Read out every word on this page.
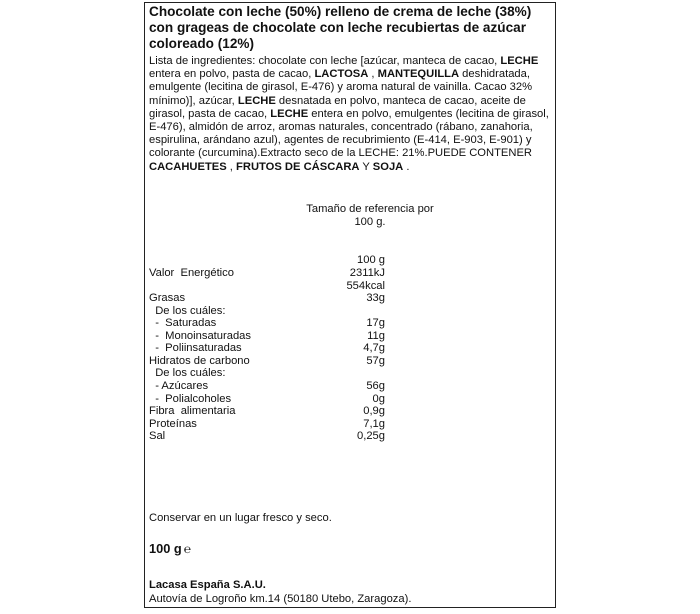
Chocolate con leche (50%) relleno de crema de leche (38%) con grageas de chocolate con leche recubiertas de azúcar coloreado (12%)

Lista de ingredientes: chocolate con leche [azúcar, manteca de cacao, LECHE entera en polvo, pasta de cacao, LACTOSA , MANTEQUILLA deshidratada, emulgente (lecitina de girasol, E-476) y aroma natural de vainilla. Cacao 32% mínimo)], azúcar, LECHE desnatada en polvo, manteca de cacao, aceite de girasol, pasta de cacao, LECHE entera en polvo, emulgentes (lecitina de girasol, E-476), almidón de arroz, aromas naturales, concentrado (rábano, zanahoria, espirulina, arándano azul), agentes de recubrimiento (E-414, E-903, E-901) y colorante (curcumina).Extracto seco de la LECHE: 21%.PUEDE CONTENER CACAHUETES , FRUTOS DE CÁSCARA Y SOJA .

Tamaño de referencia por
100 g.
100 g
Valor  Energético	2311kJ
554kcal
Grasas	33g
De los cuáles:
-  Saturadas	17g
-  Monoinsaturadas	11g
-  Poliinsaturadas	4,7g
Hidratos de carbono	57g
De los cuáles:
- Azúcares	56g
-  Polialcoholes	0g
Fibra  alimentaria	0,9g
Proteínas	7,1g
Sal	0,25g
Conservar en un lugar fresco y seco.
100 g ℮
Lacasa España S.A.U.
Autovía de Logroño km.14 (50180 Utebo, Zaragoza).
